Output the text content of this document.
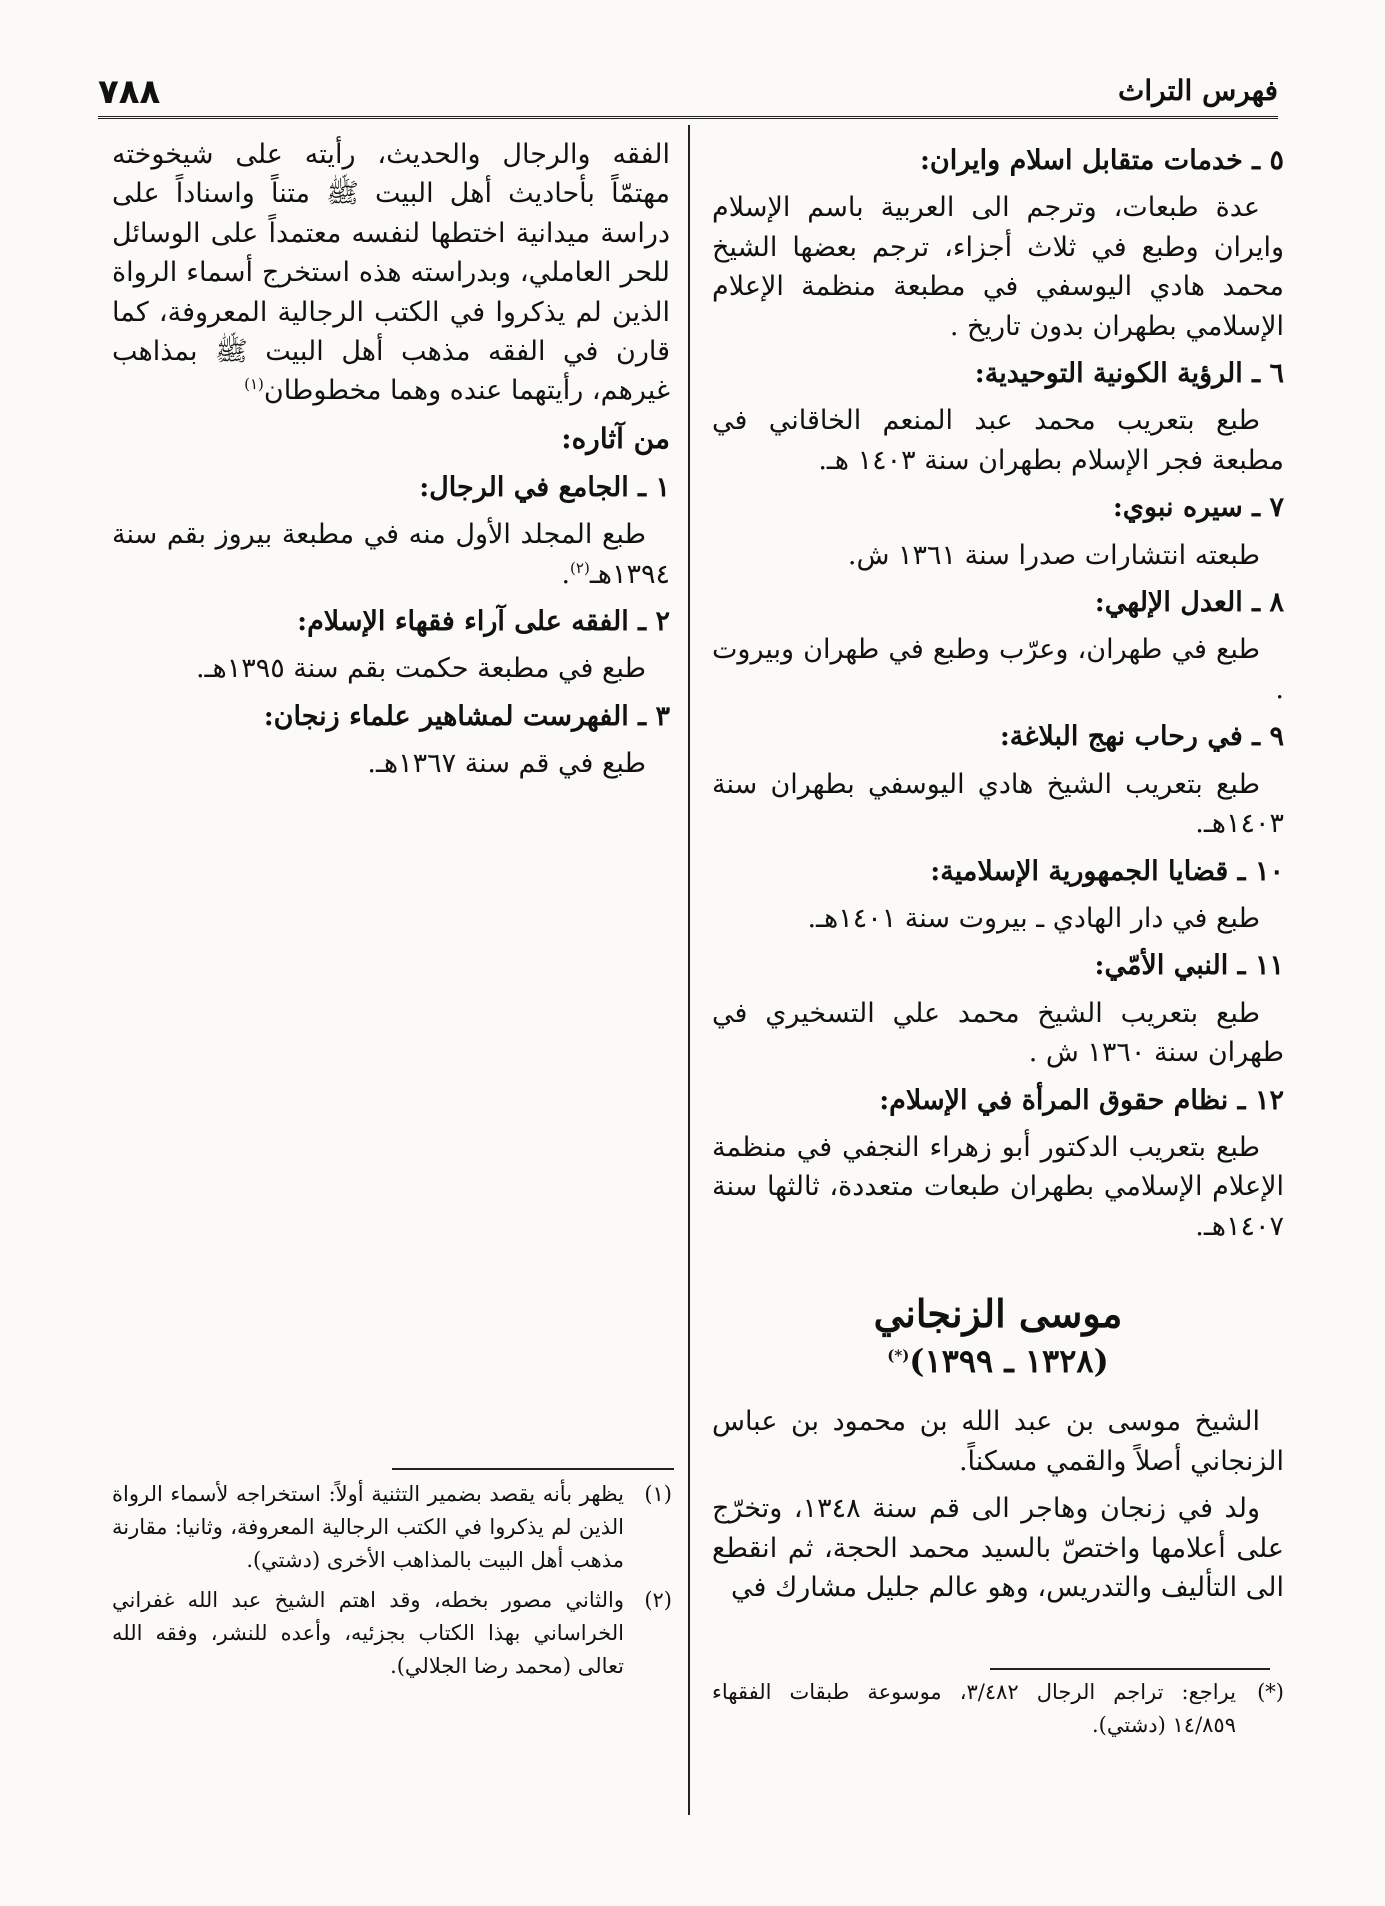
٧٨٨	فهرس التراث
٥ ـ خدمات متقابل اسلام وايران:

عدة طبعات، وترجم الى العربية باسم الإسلام وايران وطبع في ثلاث أجزاء، ترجم بعضها الشيخ محمد هادي اليوسفي في مطبعة منظمة الإعلام الإسلامي بطهران بدون تاريخ .

٦ ـ الرؤية الكونية التوحيدية:

طبع بتعريب محمد عبد المنعم الخاقاني في مطبعة فجر الإسلام بطهران سنة ١٤٠٣ هـ.

٧ ـ سيره نبوي:

طبعته انتشارات صدرا سنة ١٣٦١ ش.

٨ ـ العدل الإلهي:

طبع في طهران، وعرّب وطبع في طهران وبيروت .

٩ ـ في رحاب نهج البلاغة:

طبع بتعريب الشيخ هادي اليوسفي بطهران سنة ١٤٠٣هـ.

١٠ ـ قضايا الجمهورية الإسلامية:

طبع في دار الهادي ـ بيروت سنة ١٤٠١هـ.

١١ ـ النبي الأمّي:

طبع بتعريب الشيخ محمد علي التسخيري في طهران سنة ١٣٦٠ ش .

١٢ ـ نظام حقوق المرأة في الإسلام:

طبع بتعريب الدكتور أبو زهراء النجفي في منظمة الإعلام الإسلامي بطهران طبعات متعددة، ثالثها سنة ١٤٠٧هـ.

موسى الزنجاني
(١٣٢٨ ـ ١٣٩٩)(*)

الشيخ موسى بن عبد الله بن محمود بن عباس الزنجاني أصلاً والقمي مسكناً.

ولد في زنجان وهاجر الى قم سنة ١٣٤٨، وتخرّج على أعلامها واختصّ بالسيد محمد الحجة، ثم انقطع الى التأليف والتدريس، وهو عالم جليل مشارك في

(*)
يراجع: تراجم الرجال ٣/٤٨٢، موسوعة طبقات الفقهاء ١٤/٨٥٩ (دشتي).

الفقه والرجال والحديث، رأيته على شيخوخته مهتمّاً بأحاديث أهل البيت ﷺ متناً واسناداً على دراسة ميدانية اختطها لنفسه معتمداً على الوسائل للحر العاملي، وبدراسته هذه استخرج أسماء الرواة الذين لم يذكروا في الكتب الرجالية المعروفة، كما قارن في الفقه مذهب أهل البيت ﷺ بمذاهب غيرهم، رأيتهما عنده وهما مخطوطان$^{(١)}$

من آثاره:
١ ـ الجامع في الرجال:

طبع المجلد الأول منه في مطبعة بيروز بقم سنة ١٣٩٤هـ$^{(٢)}$.

٢ ـ الفقه على آراء فقهاء الإسلام:

طبع في مطبعة حكمت بقم سنة ١٣٩٥هـ.

٣ ـ الفهرست لمشاهير علماء زنجان:

طبع في قم سنة ١٣٦٧هـ.

(١)
يظهر بأنه يقصد بضمير التثنية أولاً: استخراجه لأسماء الرواة الذين لم يذكروا في الكتب الرجالية المعروفة، وثانيا: مقارنة مذهب أهل البيت بالمذاهب الأخرى (دشتي).
(٢)
والثاني مصور بخطه، وقد اهتم الشيخ عبد الله غفراني الخراساني بهذا الكتاب بجزئيه، وأعده للنشر، وفقه الله تعالى (محمد رضا الجلالي).
